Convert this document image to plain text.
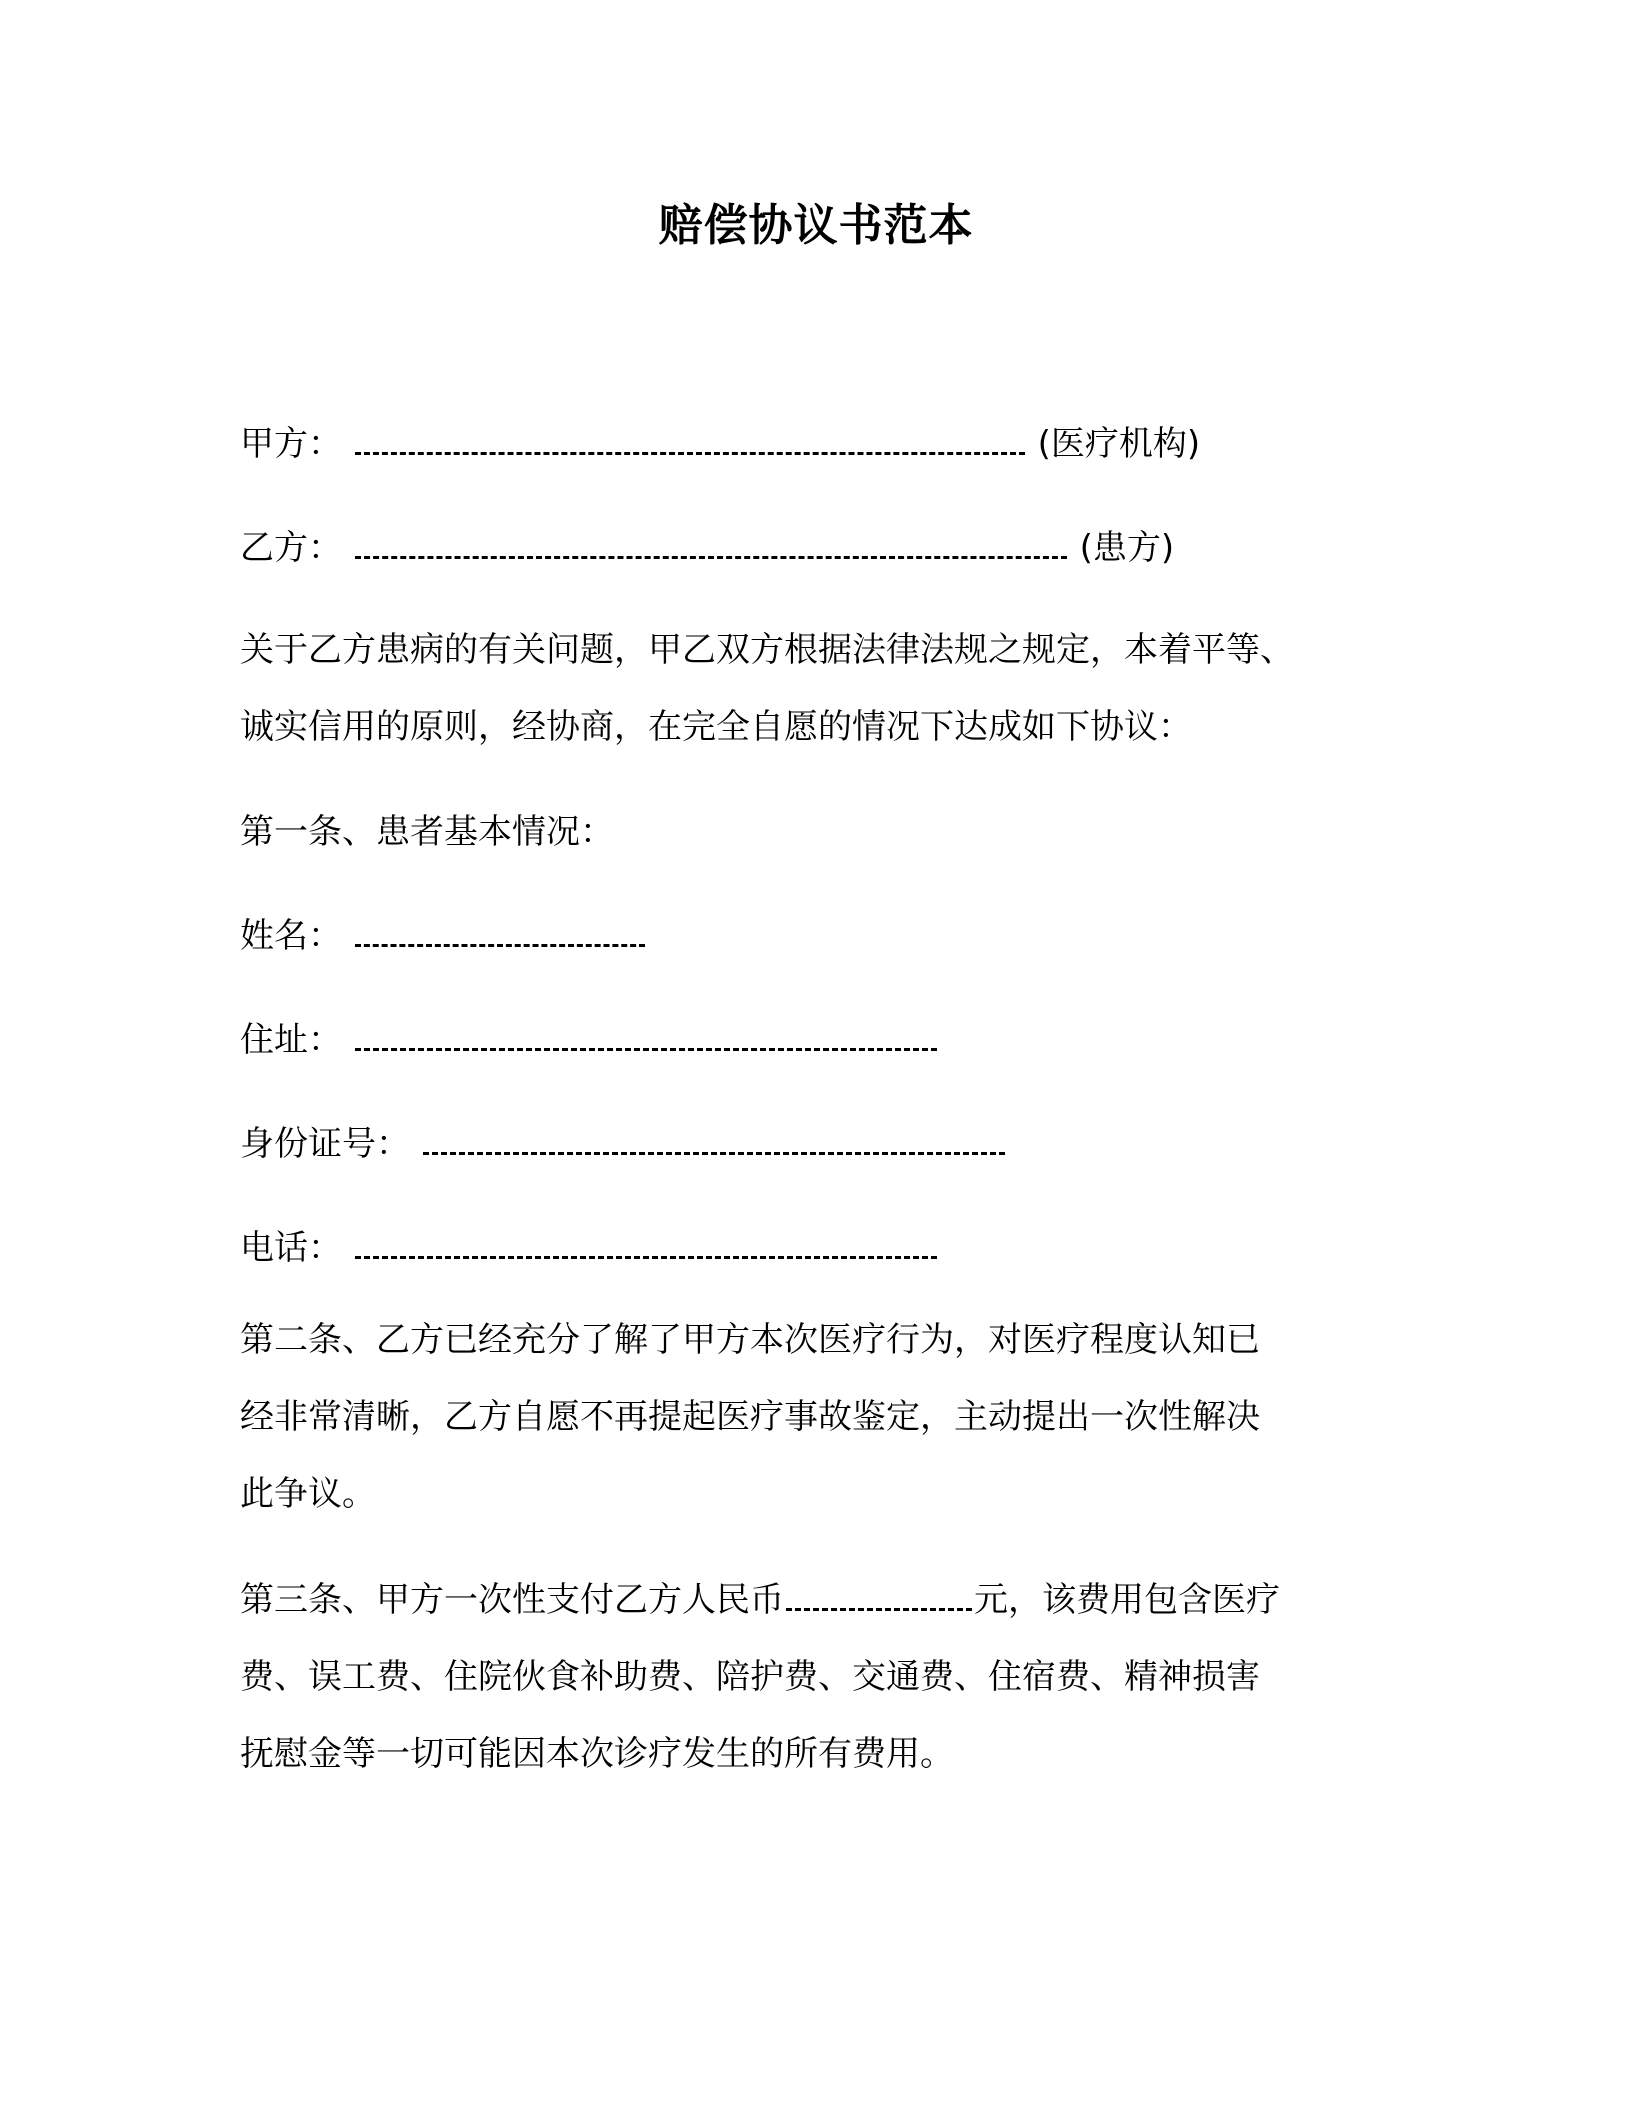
赔偿协议书范本
甲方：	(医疗机构)
乙方：	(患方)
关于乙方患病的有关问题，甲乙双方根据法律法规之规定，本着平等、
诚实信用的原则，经协商，在完全自愿的情况下达成如下协议：
第一条、患者基本情况：
姓名：
住址：
身份证号：
电话：
第二条、乙方已经充分了解了甲方本次医疗行为，对医疗程度认知已
经非常清晰，乙方自愿不再提起医疗事故鉴定，主动提出一次性解决
此争议。
第三条、甲方一次性支付乙方人民币	元，该费用包含医疗
费、误工费、住院伙食补助费、陪护费、交通费、住宿费、精神损害
抚慰金等一切可能因本次诊疗发生的所有费用。
